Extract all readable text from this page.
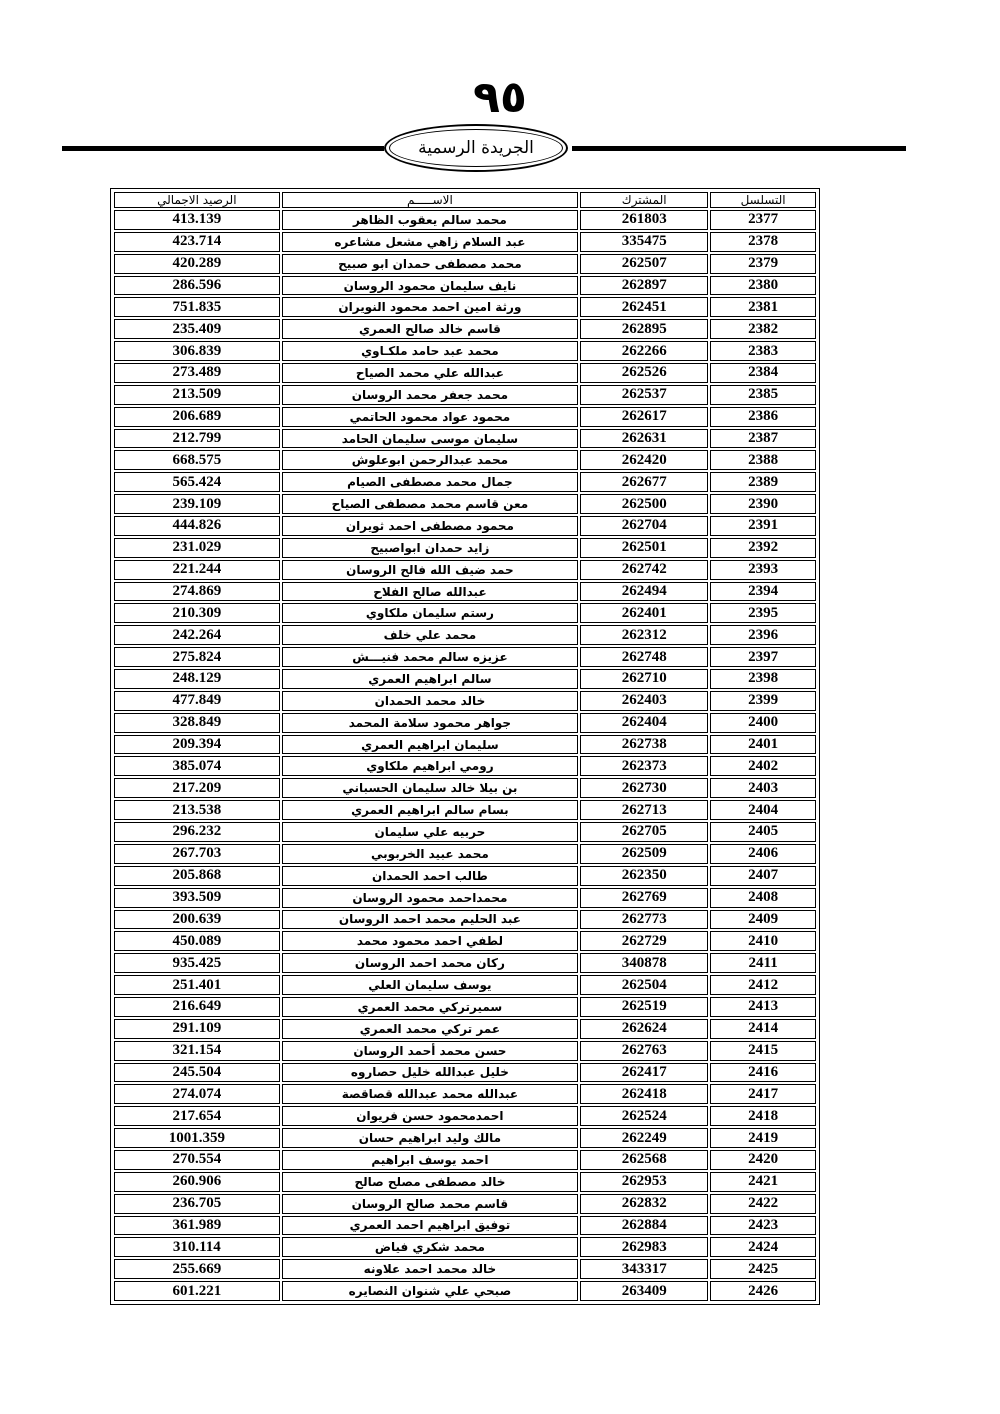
٩٥
الجريدة الرسمية
التسلسل	المشترك	الاســـــم	الرصيد الاجمالي
2377	261803	محمد سالم يعقوب الظاهر	413.139
2378	335475	عبد السلام زاهي مشعل مشاعره	423.714
2379	262507	محمد مصطفى حمدان ابو صبيح	420.289
2380	262897	نايف سليمان محمود الروسان	286.596
2381	262451	ورثة امين احمد محمود النويران	751.835
2382	262895	قاسم خالد صالح العمري	235.409
2383	262266	محمد عبد حامد ملكـاوي	306.839
2384	262526	عبدالله علي محمد الصياح	273.489
2385	262537	محمد جعفر محمد الروسان	213.509
2386	262617	محمود عواد محمود الحاتمي	206.689
2387	262631	سليمان موسى سليمان الحامد	212.799
2388	262420	محمد عبدالرحمن ابوعلوش	668.575
2389	262677	جمال محمد مصطفى الصيام	565.424
2390	262500	معن قاسم محمد مصطفى الصياح	239.109
2391	262704	محمود مصطفى احمد ثويران	444.826
2392	262501	زايد حمدان ابواصبيح	231.029
2393	262742	حمد ضيف الله فالح الروسان	221.244
2394	262494	عبدالله صالح الفلاح	274.869
2395	262401	رستم سليمان ملكاوي	210.309
2396	262312	محمد علي خلف	242.264
2397	262748	عزيزه سالم محمد فنيـــش	275.824
2398	262710	سالم ابراهيم العمري	248.129
2399	262403	خالد محمد الحمدان	477.849
2400	262404	جواهر محمود سلامة المحمد	328.849
2401	262738	سليمان ابراهيم العمري	209.394
2402	262373	رومي ابراهيم ملكاوي	385.074
2403	262730	بن بيلا خالد سليمان الحسباني	217.209
2404	262713	بسام سالم ابراهيم العمري	213.538
2405	262705	حربيه علي سليمان	296.232
2406	262509	محمد عبيد الخربوبي	267.703
2407	262350	طالب احمد الحمدان	205.868
2408	262769	محمداحمد محمود الروسان	393.509
2409	262773	عبد الحليم محمد احمد الروسان	200.639
2410	262729	لطفي احمد محمود محمد	450.089
2411	340878	ركان محمد احمد الروسان	935.425
2412	262504	يوسف سليمان العلي	251.401
2413	262519	سميرتركي محمد العمري	216.649
2414	262624	عمر تركي محمد العمري	291.109
2415	262763	حسن محمد أحمد الروسان	321.154
2416	262417	خليل عبدالله خليل حصاروه	245.504
2417	262418	عبدالله محمد عبدالله قصاقصة	274.074
2418	262524	احمدمحمود حسن فريوان	217.654
2419	262249	مالك وليد ابراهيم حسان	1001.359
2420	262568	احمد يوسف ابراهيم	270.554
2421	262953	خالد مصطفى مصلح صالح	260.906
2422	262832	قاسم محمد صالح الروسان	236.705
2423	262884	توفيق ابراهيم احمد العمري	361.989
2424	262983	محمد شكري فياض	310.114
2425	343317	خالد محمد احمد علاونه	255.669
2426	263409	صبحي علي شنوان النصايره	601.221
